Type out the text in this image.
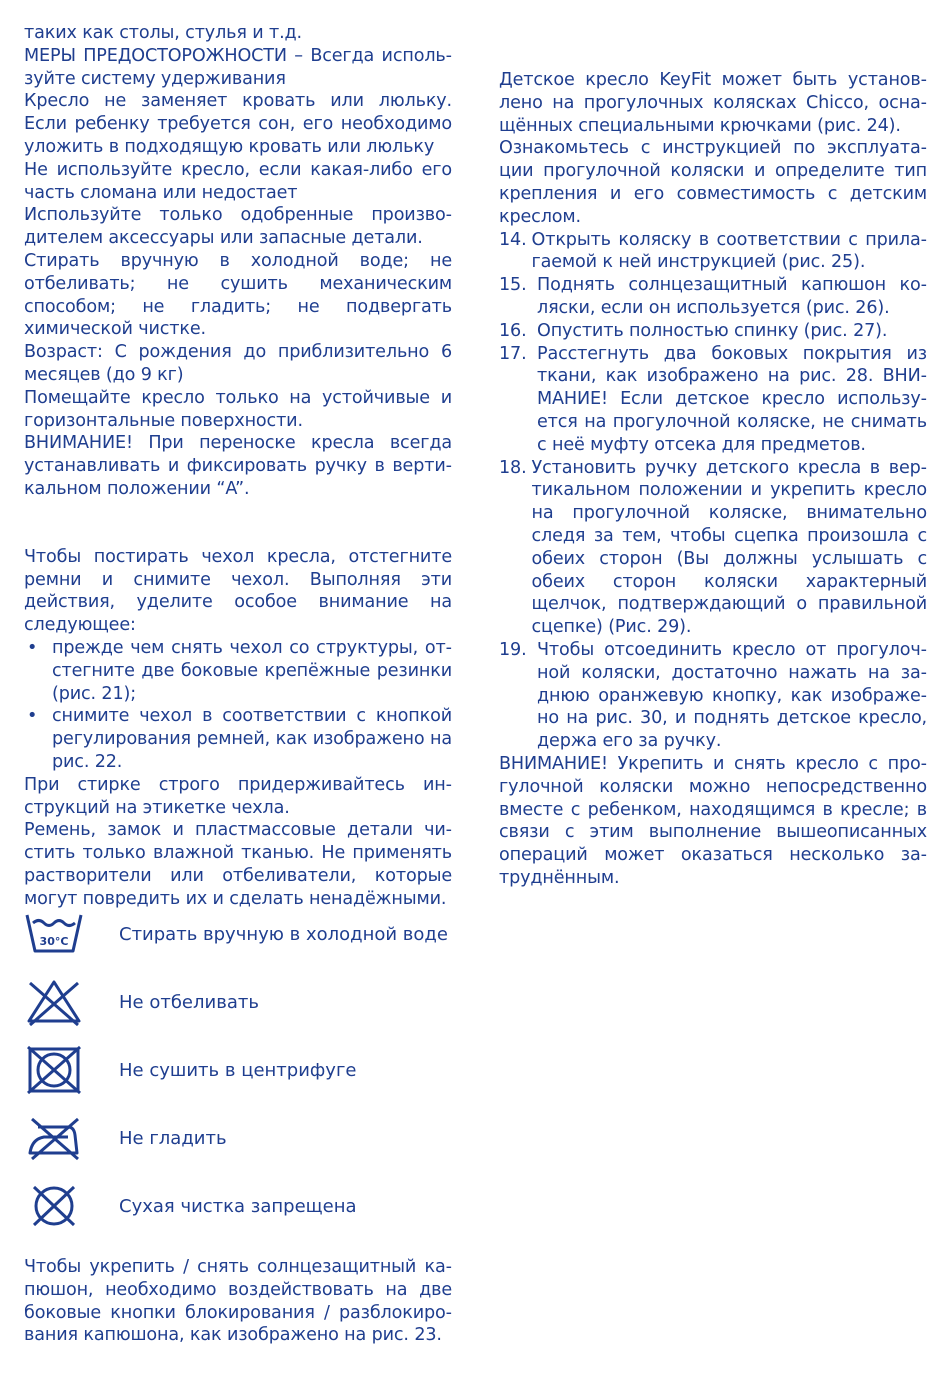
таких как столы, стулья и т.д.

МЕРЫ ПРЕДОСТОРОЖНОСТИ – Всегда используйте систему удерживания

Кресло не заменяет кровать или люльку. Если ребенку требуется сон, его необходимо уложить в подходящую кровать или люльку

Не используйте кресло, если какая-либо его часть сломана или недостает

Используйте только одобренные производителем аксессуары или запасные детали.

Стирать вручную в холодной воде; не отбеливать; не сушить механическим способом; не гладить; не подвергать химической чистке.

Возраст: С рождения до приблизительно 6 месяцев (до 9 кг)

Помещайте кресло только на устойчивые и горизонтальные поверхности.

ВНИМАНИЕ! При переноске кресла всегда устанавливать и фиксировать ручку в вертикальном положении “A”.

Чтобы постирать чехол кресла, отстегните ремни и снимите чехол. Выполняя эти действия, уделите особое внимание на следующее:

• прежде чем снять чехол со структуры, отстегните две боковые крепёжные резинки (рис. 21);
• снимите чехол в соответствии с кнопкой регулирования ремней, как изображено на рис. 22.

При стирке строго придерживайтесь инструкций на этикетке чехла.

Ремень, замок и пластмассовые детали чистить только влажной тканью. Не применять растворители или отбеливатели, которые могут повредить их и сделать ненадёжными.

30°C	Стирать вручную в холодной воде
Не отбеливать
Не сушить в центрифуге
Не гладить
Сухая чистка запрещена

Чтобы укрепить / снять солнцезащитный капюшон, необходимо воздействовать на две боковые кнопки блокирования / разблокирования капюшона, как изображено на рис. 23.

Детское кресло KeyFit может быть установлено на прогулочных колясках Chicco, оснащённых специальными крючками (рис. 24).

Ознакомьтесь с инструкцией по эксплуатации прогулочной коляски и определите тип крепления и его совместимость с детским креслом.

14. Открыть коляску в соответствии с прилагаемой к ней инструкцией (рис. 25).
15. Поднять солнцезащитный капюшон коляски, если он используется (рис. 26).
16. Опустить полностью спинку (рис. 27).
17. Расстегнуть два боковых покрытия из ткани, как изображено на рис. 28. ВНИМАНИЕ! Если детское кресло используется на прогулочной коляске, не снимать с неё муфту отсека для предметов.
18. Установить ручку детского кресла в вертикальном положении и укрепить кресло на прогулочной коляске, внимательно следя за тем, чтобы сцепка произошла с обеих сторон (Вы должны услышать с обеих сторон коляски характерный щелчок, подтверждающий о правильной сцепке) (Рис. 29).
19. Чтобы отсоединить кресло от прогулочной коляски, достаточно нажать на заднюю оранжевую кнопку, как изображено на рис. 30, и поднять детское кресло, держа его за ручку.

ВНИМАНИЕ! Укрепить и снять кресло с прогулочной коляски можно непосредственно вместе с ребенком, находящимся в кресле; в связи с этим выполнение вышеописанных операций может оказаться несколько затруднённым.
